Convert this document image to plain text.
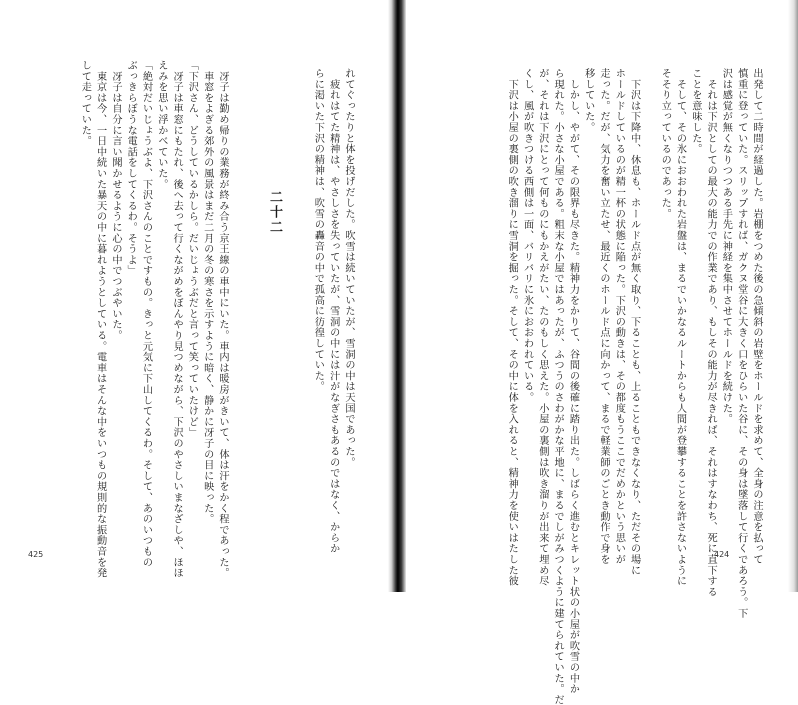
れてぐったりと体を投げだした。吹雪は続いていたが、雪洞の中は天国であった。
　疲れはてた精神は、やさしさを失っていたが、雪洞の中には汁がなぎさもあるのではなく、からか
らに渇いた下沢の精神は、吹雪の轟音の中で孤高に彷徨していた。
二十二
　冴子は勤め帰りの業務が終み合う京王線の車中にいた。車内は暖房がきいて、体は汗をかく程であった。
　車窓をよぎる郊外の風景はまだ二月の冬の寒さを示すように暗く、静かに冴子の目に映った。
「下沢さん、どうしているかしら。だいじょうぶだと言って笑っていたけど」
　冴子は車窓にもたれ、後へ去って行くながめをぼんやり見つめながら、下沢のやさしいまなざしや、ほほ
えみを思い浮かべていた。
「絶対だいじょうぶよ、下沢さんのことですもの。きっと元気に下山してくるわ。そして、あのいつもの
ぶっきらぼうな電話をしてくるわ。そうよ」
　冴子は自分に言い聞かせるように心の中でつぶやいた。
　東京は今、一日中続いた暴天の中に暮れようとしている。電車はそんな中をいつもの規則的な振動音を発
して走っていた。
425	出発して二時間が経過した。岩棚をつめた後の急傾斜の岩壁をホールドを求めて、全身の注意を払って
慎重に登っていた。スリップすれば、ガクヌ堂谷に大きく口をひらいた谷に、その身は墜落して行くであろう。下
沢は感覚が無くなりつつある手先に神経を集中させてホールドを続けた。
　それは下沢としての最大の能力での作業であり、もしその能力が尽きれば、それはすなわち、死に直下する
ことを意味した。
　そして、その氷におおわれた岩盤は、まるでいかなるルートからも人間が登攀することを許さないように
そそり立っているのであった。

　下沢は下降中、休息も、ホールド点が無く取り、下ることも、上ることもできなくなり、ただその場に
ホールドしているのが精一杯の状態に陥った。下沢の動きは、その都度もうここでだめかという思いが
走った。だが、気力を奮い立たせ、最近くのホールド点に向かって、まるで軽業師のごとき動作で身を
移していた。
　しかし、やがて、その限界も尽きた。精神力をかりて、谷間の後確に踏り出た。しばらく進むとキレット状の小屋が吹雪の中か
ら現れた。小さな小屋である。粗末な小屋ではあったが、ふつうのさわがかな平地に、まるでしがみつくように建てられていた。だ
が、それは下沢にとって何ものにもかえがたい、たのもしく思えた。小屋の裏側は吹き溜りが出来て埋め尽
くし、風が吹きつける西側は一面、バリバリに氷におおわれている。
　下沢は小屋の裏側の吹き溜りに雪洞を掘った。そして、その中に体を入れると、精神力を使いはたした彼	424
